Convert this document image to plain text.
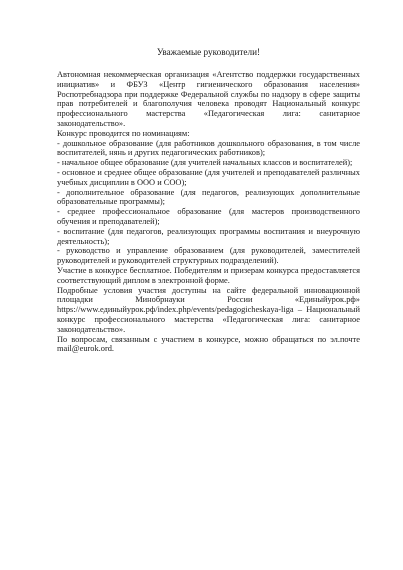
Уважаемые руководители!

Автономная некоммерческая организация «Агентство поддержки государственных инициатив» и ФБУЗ «Центр гигиенического образования населения» Роспотребнадзора при поддержке Федеральной службы по надзору в сфере защиты прав потребителей и благополучия человека проводят Национальный конкурс профессионального мастерства «Педагогическая лига: санитарное законодательство».

Конкурс проводится по номинациям:

- дошкольное образование (для работников дошкольного образования, в том числе воспитателей, нянь и других педагогических работников);

- начальное общее образование (для учителей начальных классов и воспитателей);

- основное и среднее общее образование (для учителей и преподавателей различных учебных дисциплин в ООО и СОО);

- дополнительное образование (для педагогов, реализующих дополнительные образовательные программы);

- среднее профессиональное образование (для мастеров производственного обучения и преподавателей);

- воспитание (для педагогов, реализующих программы воспитания и внеурочную деятельность);

- руководство и управление образованием (для руководителей, заместителей руководителей и руководителей структурных подразделений).

Участие в конкурсе бесплатное. Победителям и призерам конкурса предоставляется соответствующий диплом в электронной форме.

Подробные условия участия доступны на сайте федеральной инновационной площадки Минобрнауки России «Единыйурок.рф» https://www.единыйурок.рф/index.php/events/pedagogicheskaya-liga – Национальный конкурс профессионального мастерства «Педагогическая лига: санитарное законодательство».

По вопросам, связанным с участием в конкурсе, можно обращаться по эл.почте mail@eurok.ord.
